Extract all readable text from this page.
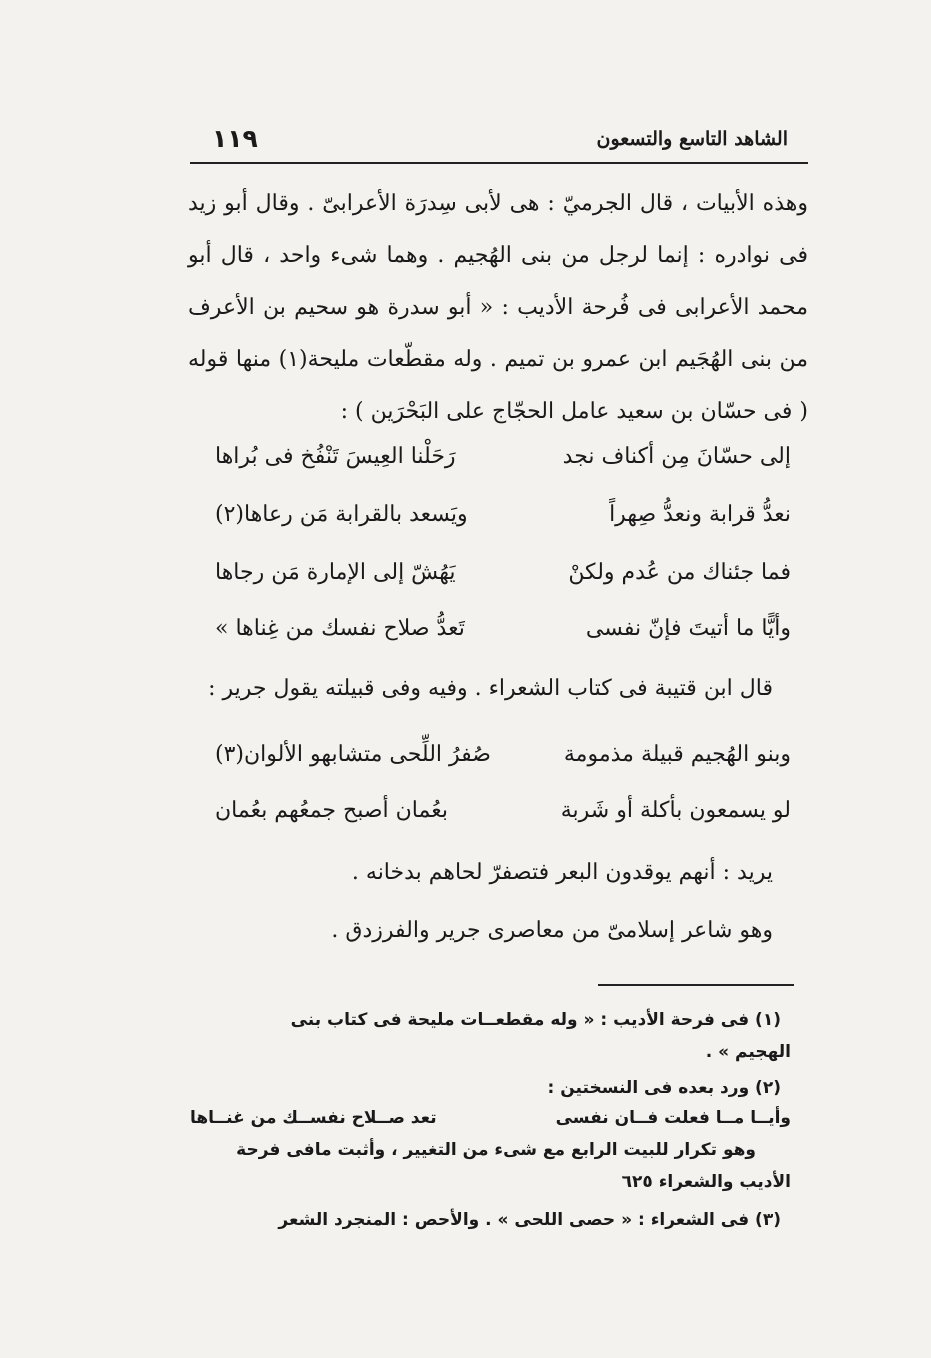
١١٩	الشاهد التاسع والتسعون

وهذه الأبيات ، قال الجرميّ : هى لأبى سِدرَة الأعرابىّ . وقال أبو زيد فى نوادره : إنما لرجل من بنى الهُجيم . وهما شىء واحد ، قال أبو محمد الأعرابى فى فُرحة الأديب : « أبو سدرة هو سحيم بن الأعرف من بنى الهُجَيم ابن عمرو بن تميم . وله مقطّعات مليحة(١) منها قوله ( فى حسّان بن سعيد عامل الحجّاج على البَحْرَين ) :

إلى حسّانَ مِن أكناف نجد
رَحَلْنا العِيسَ تَنْفُخ فى بُراها
نعدُّ قرابة ونعدُّ صِهراً
ويَسعد بالقرابة مَن رعاها(٢)
فما جئناك من عُدم ولكنْ
يَهُشّ إلى الإمارة مَن رجاها
وأيًّا ما أتيتَ فإنّ نفسى
تَعدُّ صلاح نفسك من غِناها »
قال ابن قتيبة فى كتاب الشعراء . وفيه وفى قبيلته يقول جرير :
وبنو الهُجيم قبيلة مذمومة
صُفرُ اللِّحى متشابهو الألوان(٣)
لو يسمعون بأكلة أو شَربة
بعُمان أصبح جمعُهم بعُمان
يريد : أنهم يوقدون البعر فتصفرّ لحاهم بدخانه .
وهو شاعر إسلامىّ من معاصرى جرير والفرزدق .
(١) فى فرحة الأديب : « وله مقطعــات مليحة فى كتاب بنى
الهجيم » .
(٢) ورد بعده فى النسختين :
وأيــا مــا فعلت فــان نفسى
تعد صــلاح نفســك من غنــاها
وهو تكرار للبيت الرابع مع شىء من التغيير ، وأثبت مافى فرحة
الأديب والشعراء ٦٢٥
(٣) فى الشعراء : « حصى اللحى » . والأحص : المنجرد الشعر
